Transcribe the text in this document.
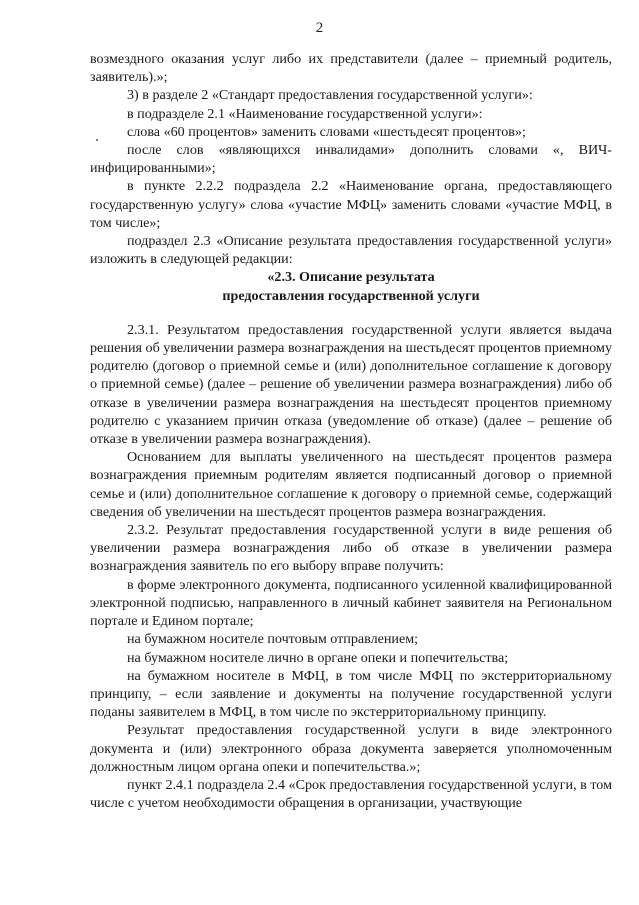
2

возмездного оказания услуг либо их представители (далее – приемный родитель, заявитель).»;

3) в разделе 2 «Стандарт предоставления государственной услуги»:

в подразделе 2.1 «Наименование государственной услуги»:

слова «60 процентов» заменить словами «шестьдесят процентов»;

после слов «являющихся инвалидами» дополнить словами «, ВИЧ-инфицированными»;

в пункте 2.2.2 подраздела 2.2 «Наименование органа, предоставляющего государственную услугу» слова «участие МФЦ» заменить словами «участие МФЦ, в том числе»;

подраздел 2.3 «Описание результата предоставления государственной услуги» изложить в следующей редакции:

«2.3. Описание результата
предоставления государственной услуги

2.3.1. Результатом предоставления государственной услуги является выдача решения об увеличении размера вознаграждения на шестьдесят процентов приемному родителю (договор о приемной семье и (или) дополнительное соглашение к договору о приемной семье) (далее – решение об увеличении размера вознаграждения) либо об отказе в увеличении размера вознаграждения на шестьдесят процентов приемному родителю с указанием причин отказа (уведомление об отказе) (далее – решение об отказе в увеличении размера вознаграждения).

Основанием для выплаты увеличенного на шестьдесят процентов размера вознаграждения приемным родителям является подписанный договор о приемной семье и (или) дополнительное соглашение к договору о приемной семье, содержащий сведения об увеличении на шестьдесят процентов размера вознаграждения.

2.3.2. Результат предоставления государственной услуги в виде решения об увеличении размера вознаграждения либо об отказе в увеличении размера вознаграждения заявитель по его выбору вправе получить:

в форме электронного документа, подписанного усиленной квалифицированной электронной подписью, направленного в личный кабинет заявителя на Региональном портале и Едином портале;

на бумажном носителе почтовым отправлением;

на бумажном носителе лично в органе опеки и попечительства;

на бумажном носителе в МФЦ, в том числе МФЦ по экстерриториальному принципу, – если заявление и документы на получение государственной услуги поданы заявителем в МФЦ, в том числе по экстерриториальному принципу.

Результат предоставления государственной услуги в виде электронного документа и (или) электронного образа документа заверяется уполномоченным должностным лицом органа опеки и попечительства.»;

пункт 2.4.1 подраздела 2.4 «Срок предоставления государственной услуги, в том числе с учетом необходимости обращения в организации, участвующие
